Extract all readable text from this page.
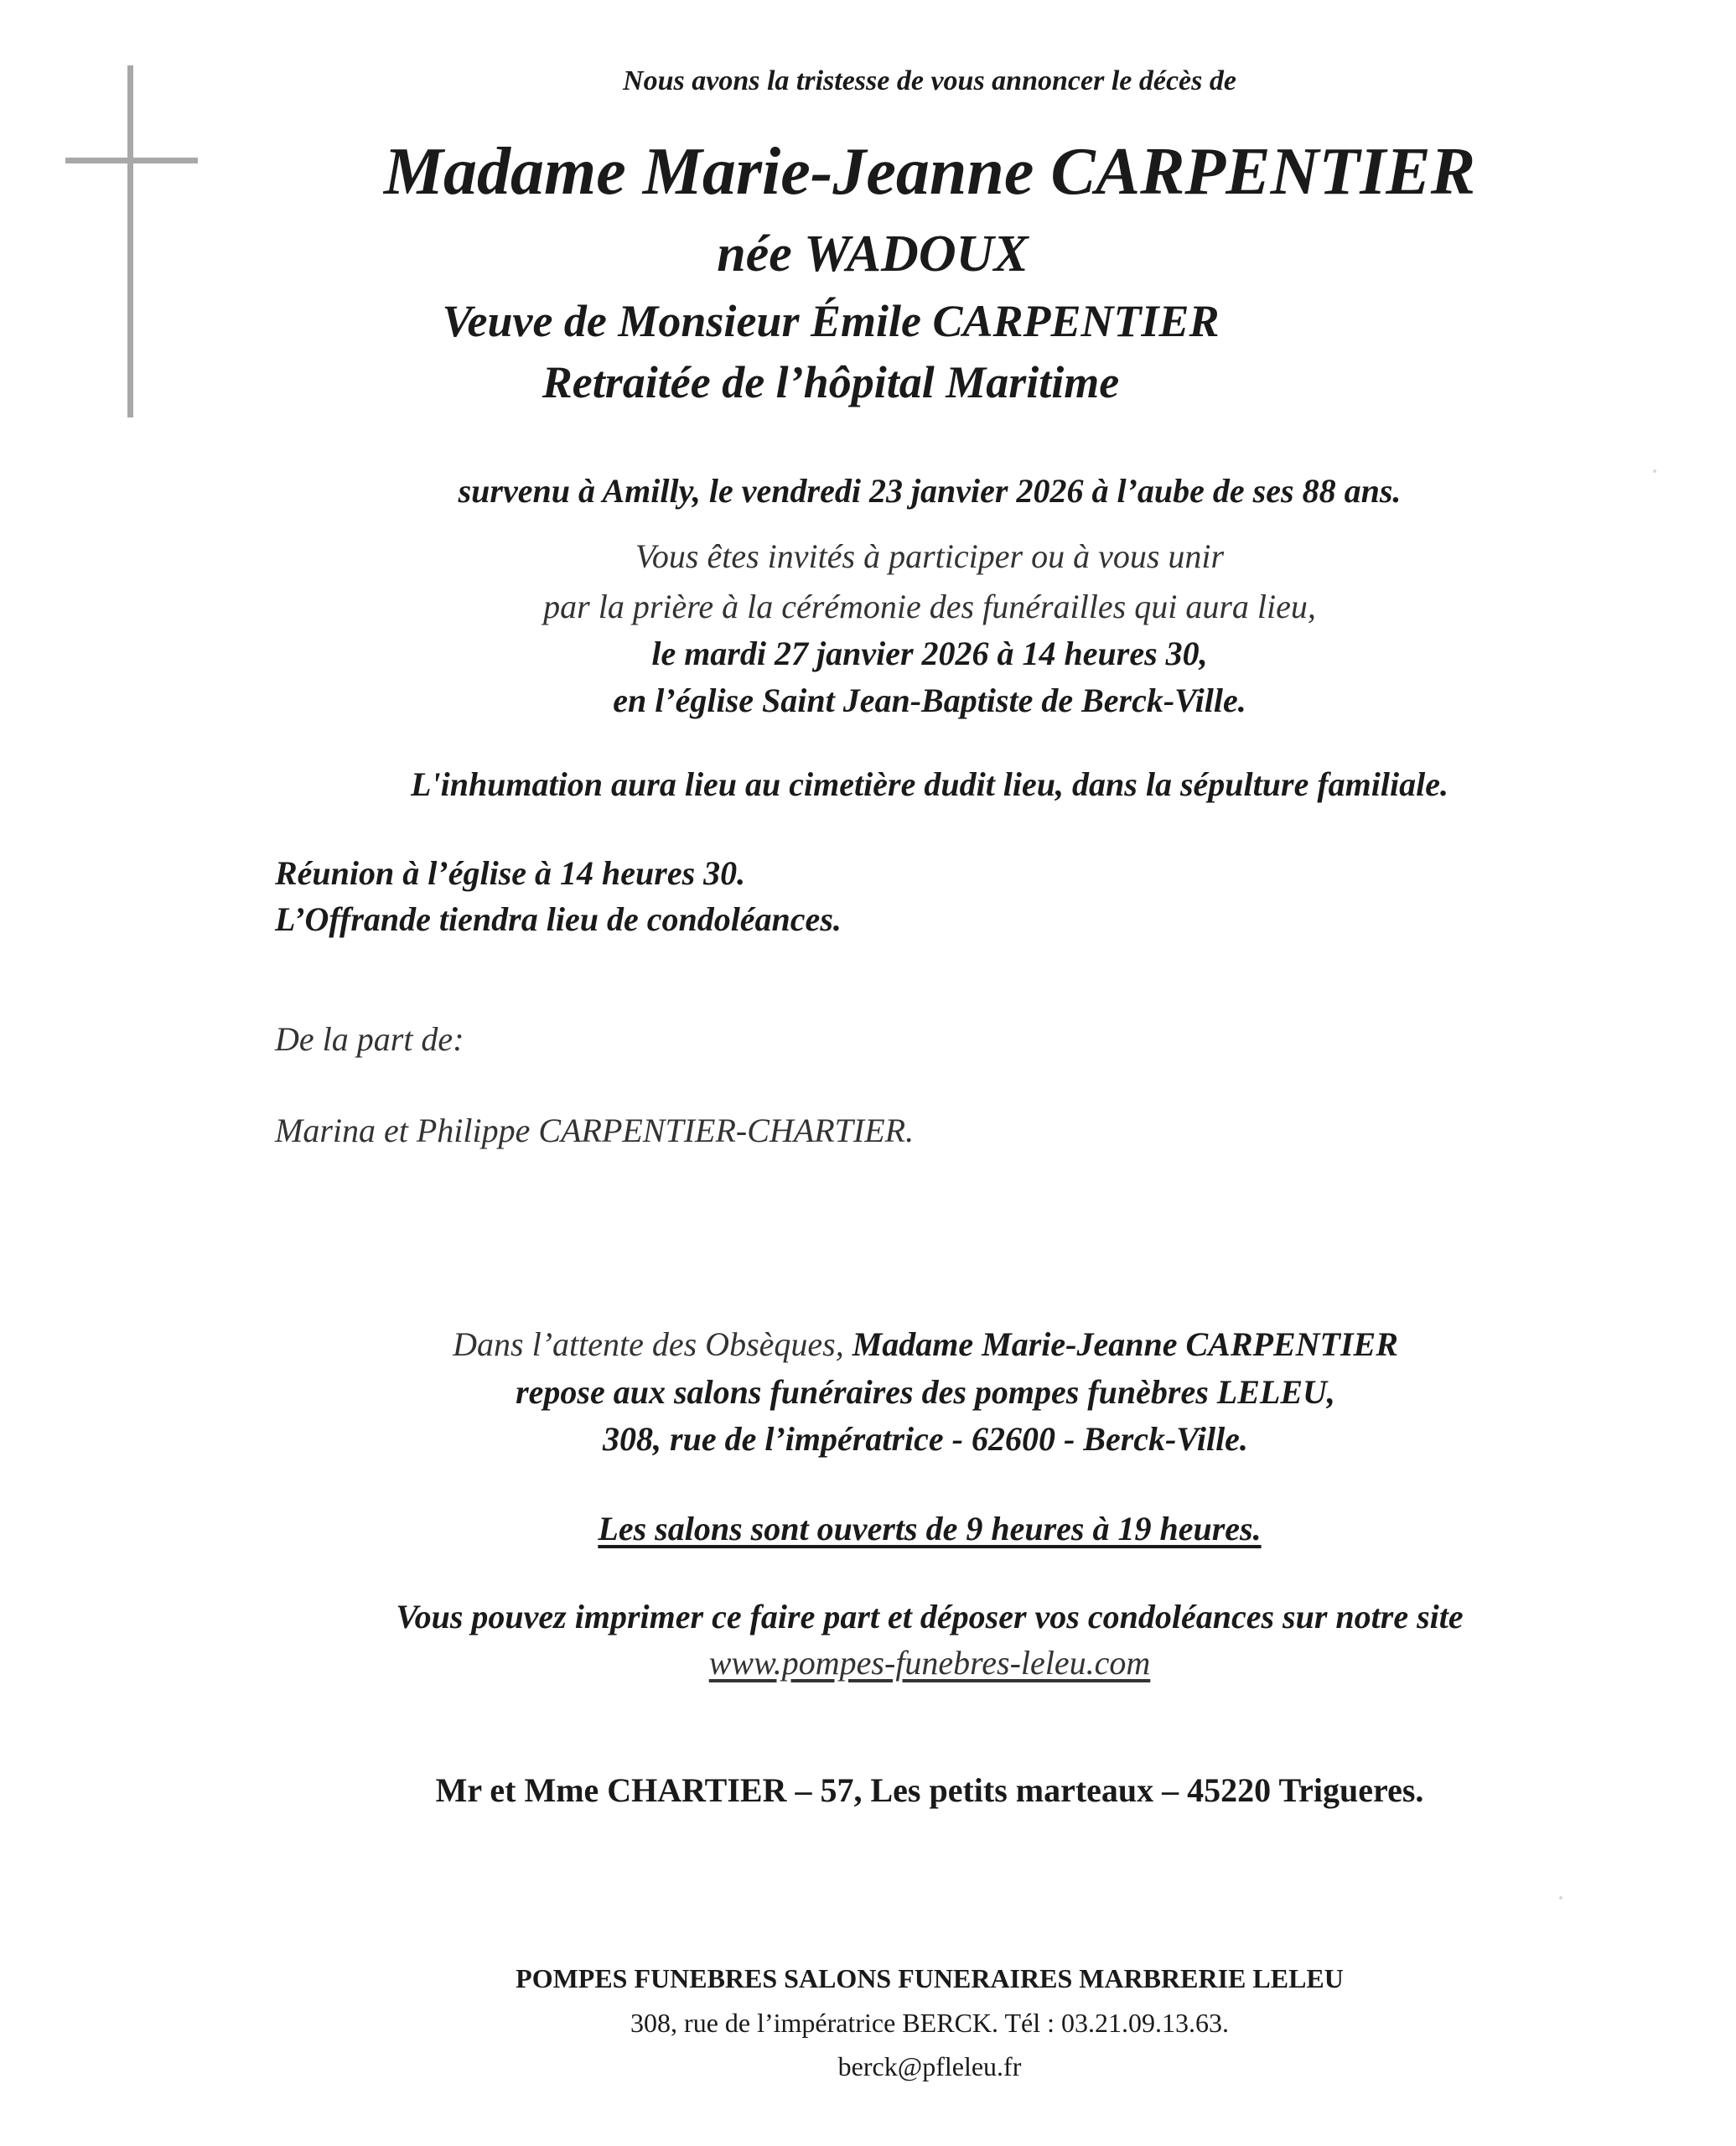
Nous avons la tristesse de vous annoncer le décès de
Madame Marie-Jeanne CARPENTIER
née WADOUX
Veuve de Monsieur Émile CARPENTIER
Retraitée de l’hôpital Maritime
survenu à Amilly, le vendredi 23 janvier 2026 à l’aube de ses 88 ans.
Vous êtes invités à participer ou à vous unir
par la prière à la cérémonie des funérailles qui aura lieu,
le mardi 27 janvier 2026 à 14 heures 30,
en l’église Saint Jean-Baptiste de Berck-Ville.
L'inhumation aura lieu au cimetière dudit lieu, dans la sépulture familiale.
Réunion à l’église à 14 heures 30.
L’Offrande tiendra lieu de condoléances.
De la part de:
Marina et Philippe CARPENTIER-CHARTIER.
Dans l’attente des Obsèques, Madame Marie-Jeanne CARPENTIER
repose aux salons funéraires des pompes funèbres LELEU,
308, rue de l’impératrice - 62600 - Berck-Ville.
Les salons sont ouverts de 9 heures à 19 heures.
Vous pouvez imprimer ce faire part et déposer vos condoléances sur notre site
www.pompes-funebres-leleu.com
Mr et Mme CHARTIER – 57, Les petits marteaux – 45220 Trigueres.
POMPES FUNEBRES SALONS FUNERAIRES MARBRERIE LELEU
308, rue de l’impératrice BERCK. Tél : 03.21.09.13.63.
berck@pfleleu.fr
